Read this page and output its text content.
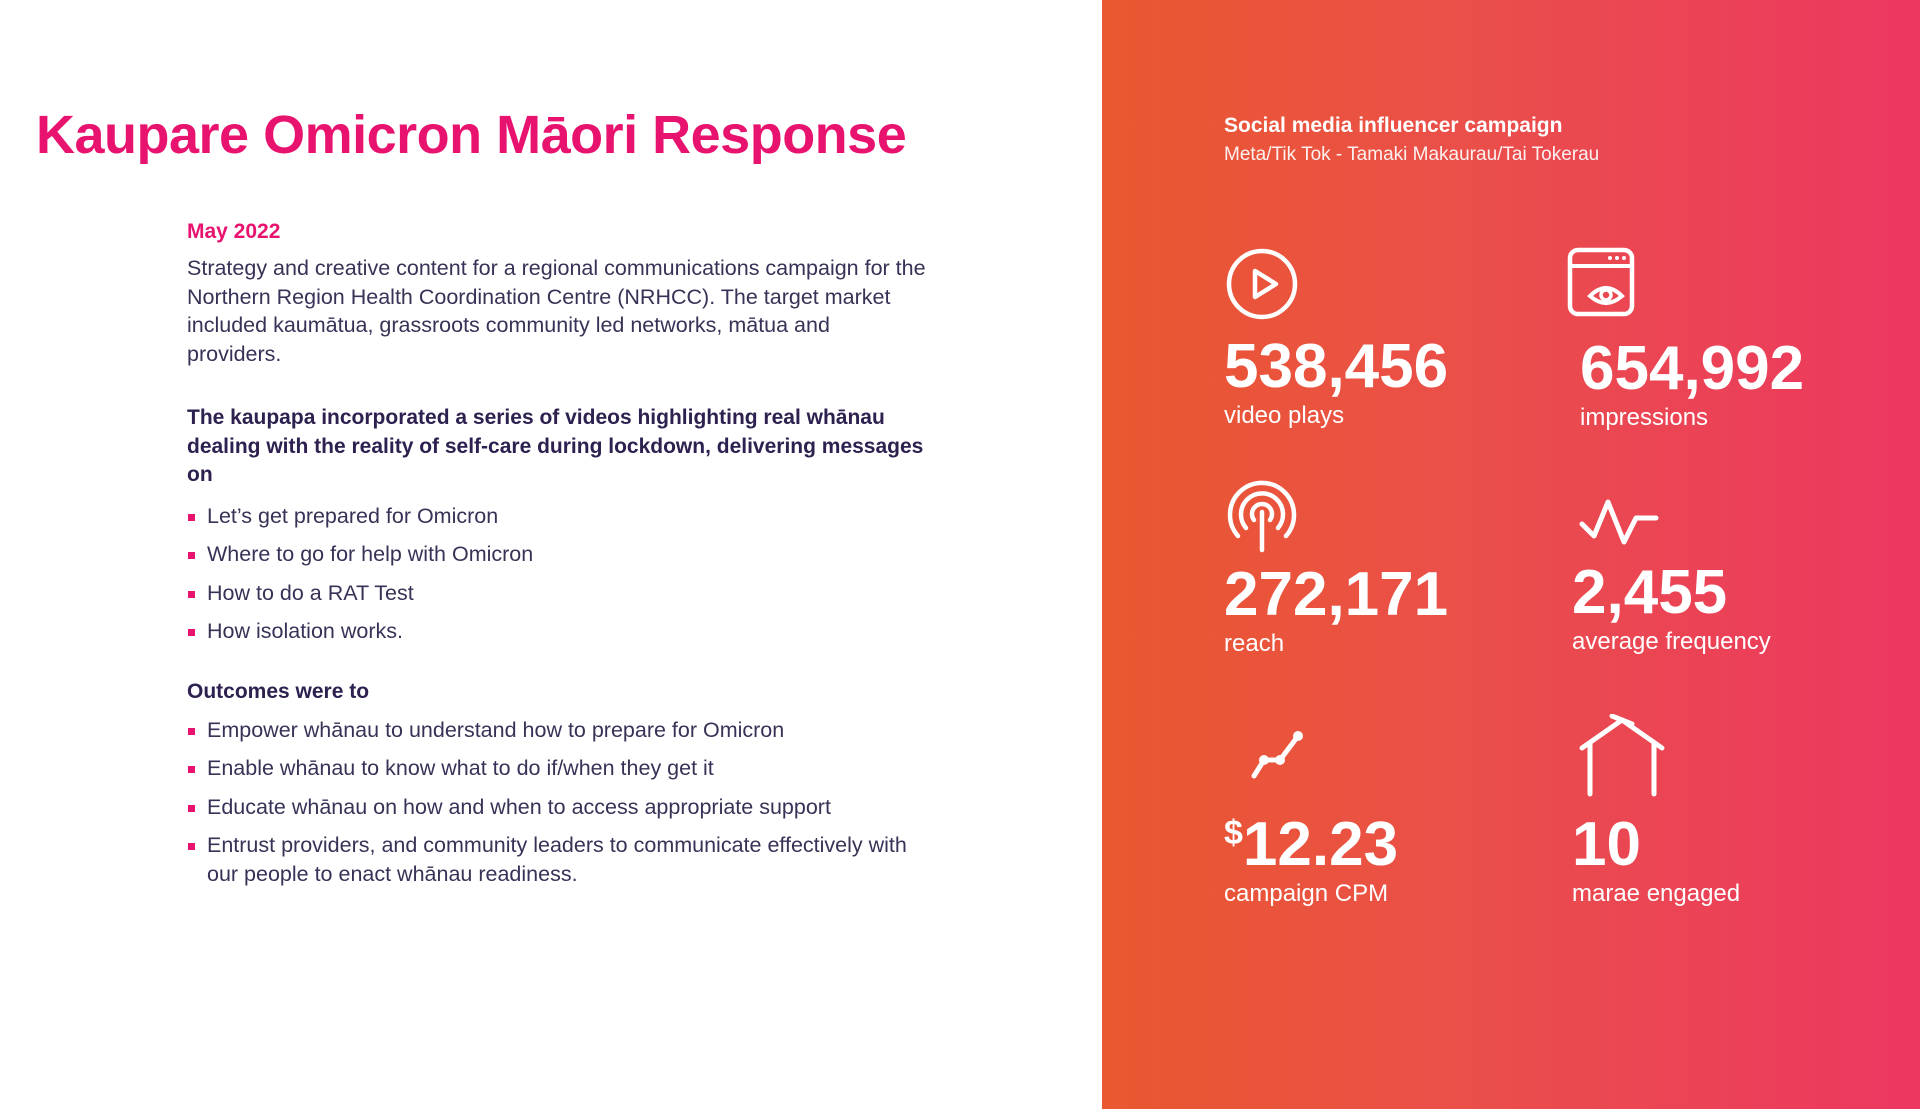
Kaupare Omicron Māori Response
May 2022

Strategy and creative content for a regional communications campaign for the Northern Region Health Coordination Centre (NRHCC). The target market included kaumātua, grassroots community led networks, mātua and providers.

The kaupapa incorporated a series of videos highlighting real whānau dealing with the reality of self-care during lockdown, delivering messages on
Let’s get prepared for Omicron
Where to go for help with Omicron
How to do a RAT Test
How isolation works.
Outcomes were to
Empower whānau to understand how to prepare for Omicron
Enable whānau to know what to do if/when they get it
Educate whānau on how and when to access appropriate support
Entrust providers, and community leaders to communicate effectively with our people to enact whānau readiness.
Social media influencer campaign
Meta/Tik Tok - Tamaki Makaurau/Tai Tokerau
538,456
video plays
654,992
impressions
272,171
reach
2,455
average frequency
$12.23
campaign CPM
10
marae engaged
